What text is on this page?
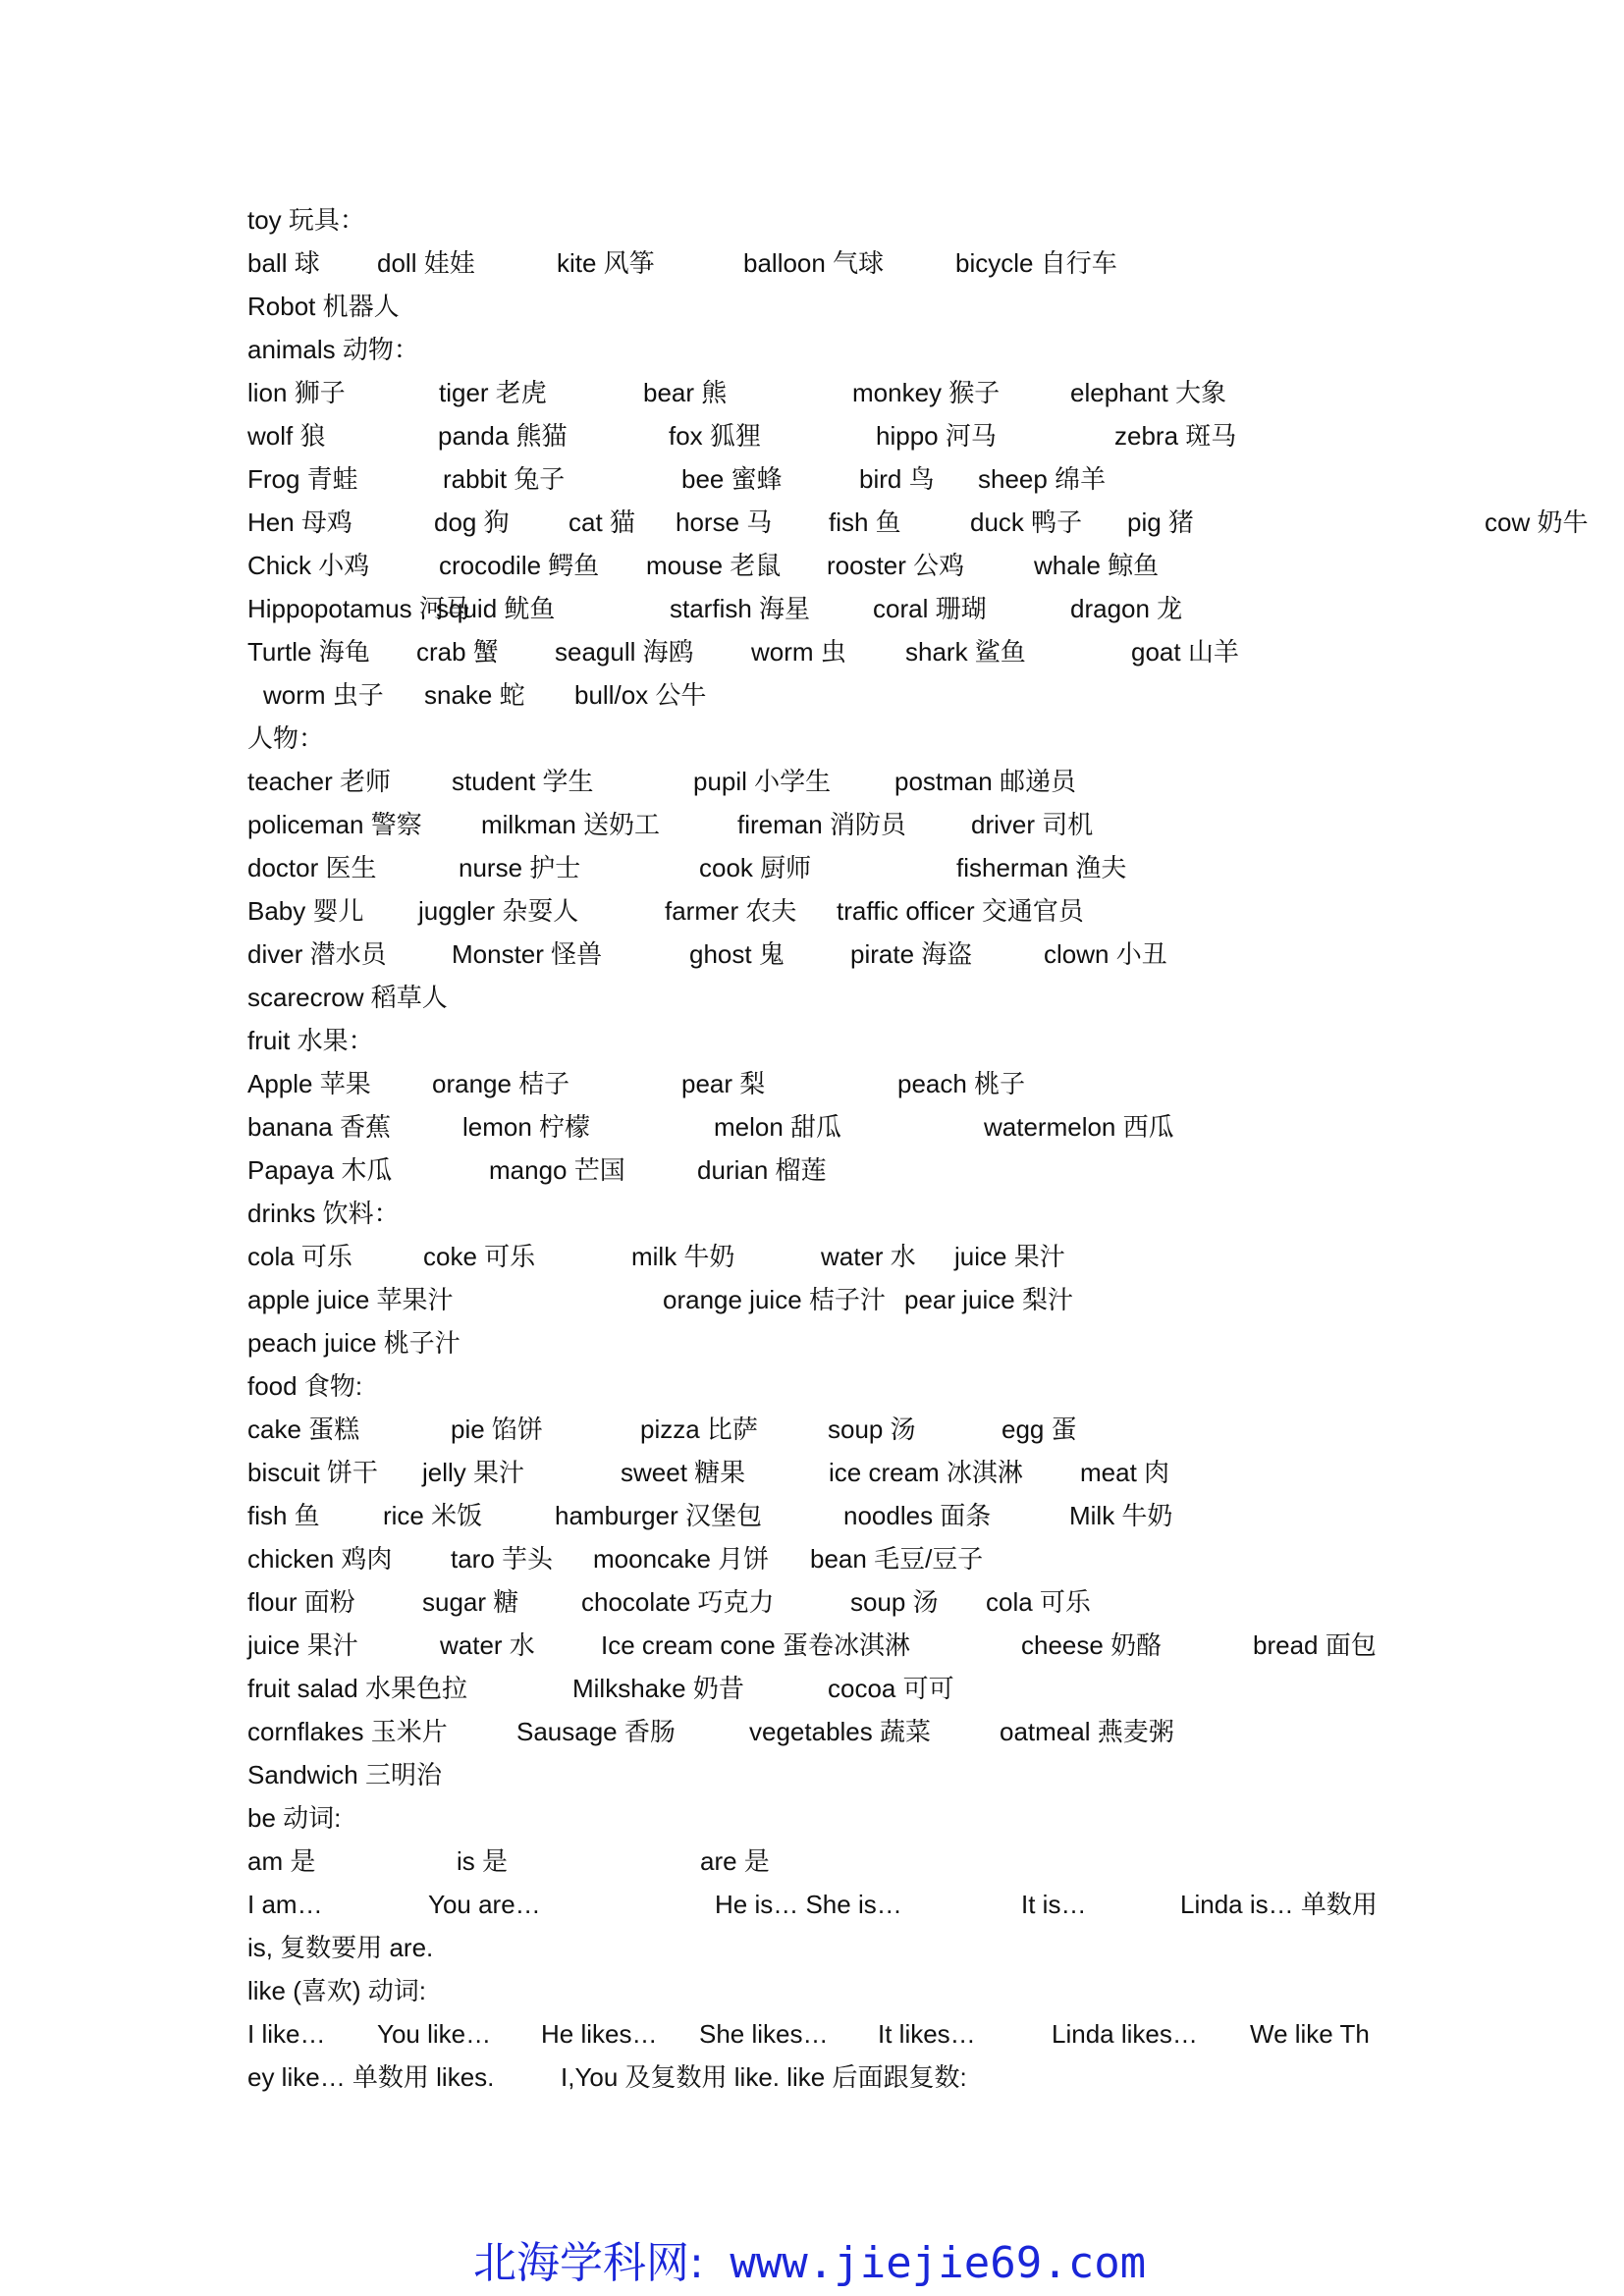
toy 玩具：
ball 球 doll 娃娃	kite 风筝	balloon 气球	bicycle 自行车
Robot 机器人
animals 动物：
lion 狮子	tiger 老虎	bear 熊	monkey 猴子	elephant 大象
wolf 狼	panda 熊猫	fox 狐狸	hippo 河马	zebra 斑马
Frog 青蛙	rabbit 兔子	bee 蜜蜂	bird 鸟 sheep 绵羊
Hen 母鸡	dog 狗 cat 猫 horse 马 fish 鱼	duck 鸭子 pig 猪	cow 奶牛
Chick 小鸡	crocodile 鳄鱼 mouse 老鼠 rooster 公鸡	whale 鲸鱼
Hippopotamus 河马
squid 鱿鱼	starfish 海星 coral 珊瑚	dragon 龙
Turtle 海龟 crab 蟹 seagull 海鸥 worm 虫 shark 鲨鱼	goat 山羊
worm 虫子 snake 蛇 bull/ox 公牛
人物：
teacher 老师 student 学生	pupil 小学生 postman 邮递员
policeman 警察 milkman 送奶工	fireman 消防员	driver 司机
doctor 医生	nurse 护士	cook 厨师	fisherman 渔夫
Baby 婴儿 juggler 杂耍人	farmer 农夫 traffic officer 交通官员
diver 潜水员	Monster 怪兽	ghost 鬼	pirate 海盗	clown 小丑
scarecrow 稻草人
fruit 水果：
Apple 苹果 orange 桔子	pear 梨	peach 桃子
banana 香蕉	lemon 柠檬	melon 甜瓜	watermelon 西瓜
Papaya 木瓜	mango 芒国	durian 榴莲
drinks 饮料：
cola 可乐	coke 可乐	milk 牛奶	water 水 juice 果汁
apple juice 苹果汁	orange juice 桔子汁 pear juice 梨汁
peach juice 桃子汁
food 食物:
cake 蛋糕	pie 馅饼	pizza 比萨	soup 汤	egg 蛋
biscuit 饼干 jelly 果汁	sweet 糖果	ice cream 冰淇淋 meat 肉
fish 鱼 rice 米饭	hamburger 汉堡包	noodles 面条	Milk 牛奶
chicken 鸡肉 taro 芋头 mooncake 月饼 bean 毛豆/豆子
flour 面粉	sugar 糖 chocolate 巧克力	soup 汤 cola 可乐
juice 果汁	water 水	Ice cream cone 蛋卷冰淇淋	cheese 奶酪	bread 面包
fruit salad 水果色拉	Milkshake 奶昔	cocoa 可可
cornflakes 玉米片	Sausage 香肠	vegetables 蔬菜	oatmeal 燕麦粥
Sandwich 三明治
be 动词:
am 是	is 是	are 是
I am…	You are…	He is… She is…	It is…	Linda is… 单数用
is, 复数要用 are.
like (喜欢) 动词:
I like… You like… He likes… She likes… It likes…	Linda likes… We like Th
ey like… 单数用 likes.	I,You 及复数用 like. like 后面跟复数:
北海学科网: www.jiejie69.com
